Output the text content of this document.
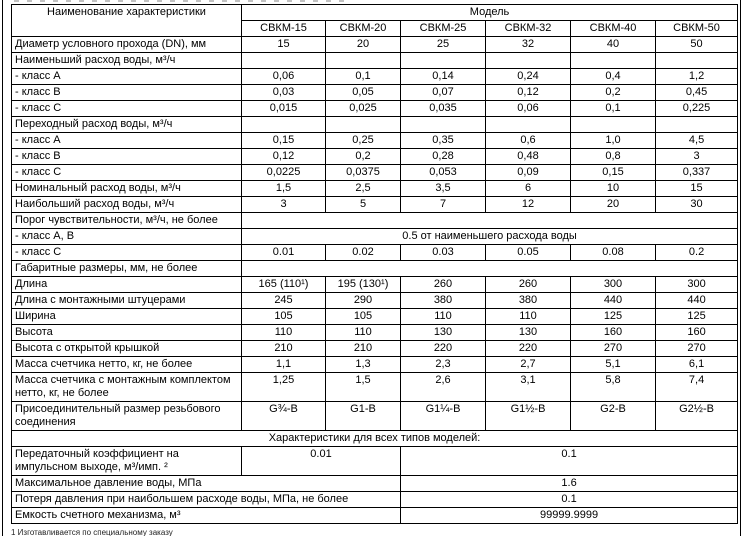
Наименование характеристики	Модель					
	СВКМ-15	СВКМ-20	СВКМ-25	СВКМ-32	СВКМ-40	СВКМ-50
Диаметр условного прохода (DN), мм	15	20	25	32	40	50
Наименьший расход воды, м³/ч						
- класс А	0,06	0,1	0,14	0,24	0,4	1,2
- класс В	0,03	0,05	0,07	0,12	0,2	0,45
- класс С	0,015	0,025	0,035	0,06	0,1	0,225
Переходный расход воды, м³/ч						
- класс А	0,15	0,25	0,35	0,6	1,0	4,5
- класс В	0,12	0,2	0,28	0,48	0,8	3
- класс С	0,0225	0,0375	0,053	0,09	0,15	0,337
Номинальный расход воды, м³/ч	1,5	2,5	3,5	6	10	15
Наибольший расход воды, м³/ч	3	5	7	12	20	30
Порог чувствительности, м³/ч, не более						
- класс А, В	0.5 от наименьшего расхода воды					
- класс С	0.01	0.02	0.03	0.05	0.08	0.2
Габаритные размеры, мм, не более						
Длина	165 (110¹)	195 (130¹)	260	260	300	300
Длина с монтажными штуцерами	245	290	380	380	440	440
Ширина	105	105	110	110	125	125
Высота	110	110	130	130	160	160
Высота с открытой крышкой	210	210	220	220	270	270
Масса счетчика нетто, кг, не более	1,1	1,3	2,3	2,7	5,1	6,1
Масса счетчика с монтажным комплектом нетто, кг, не более	1,25	1,5	2,6	3,1	5,8	7,4
Присоединительный размер резьбового соединения	G¾-B	G1-B	G1¼-B	G1½-B	G2-B	G2½-B
Характеристики для всех типов моделей:						
Передаточный коэффициент на импульсном выходе, м³/имп. ²	0.01		0.1			
Максимальное давление воды, МПа			1.6			
Потеря давления при наибольшем расходе воды, МПа, не более			0.1			
Емкость счетного механизма, м³			99999.9999			
1 Изготавливается по специальному заказу
